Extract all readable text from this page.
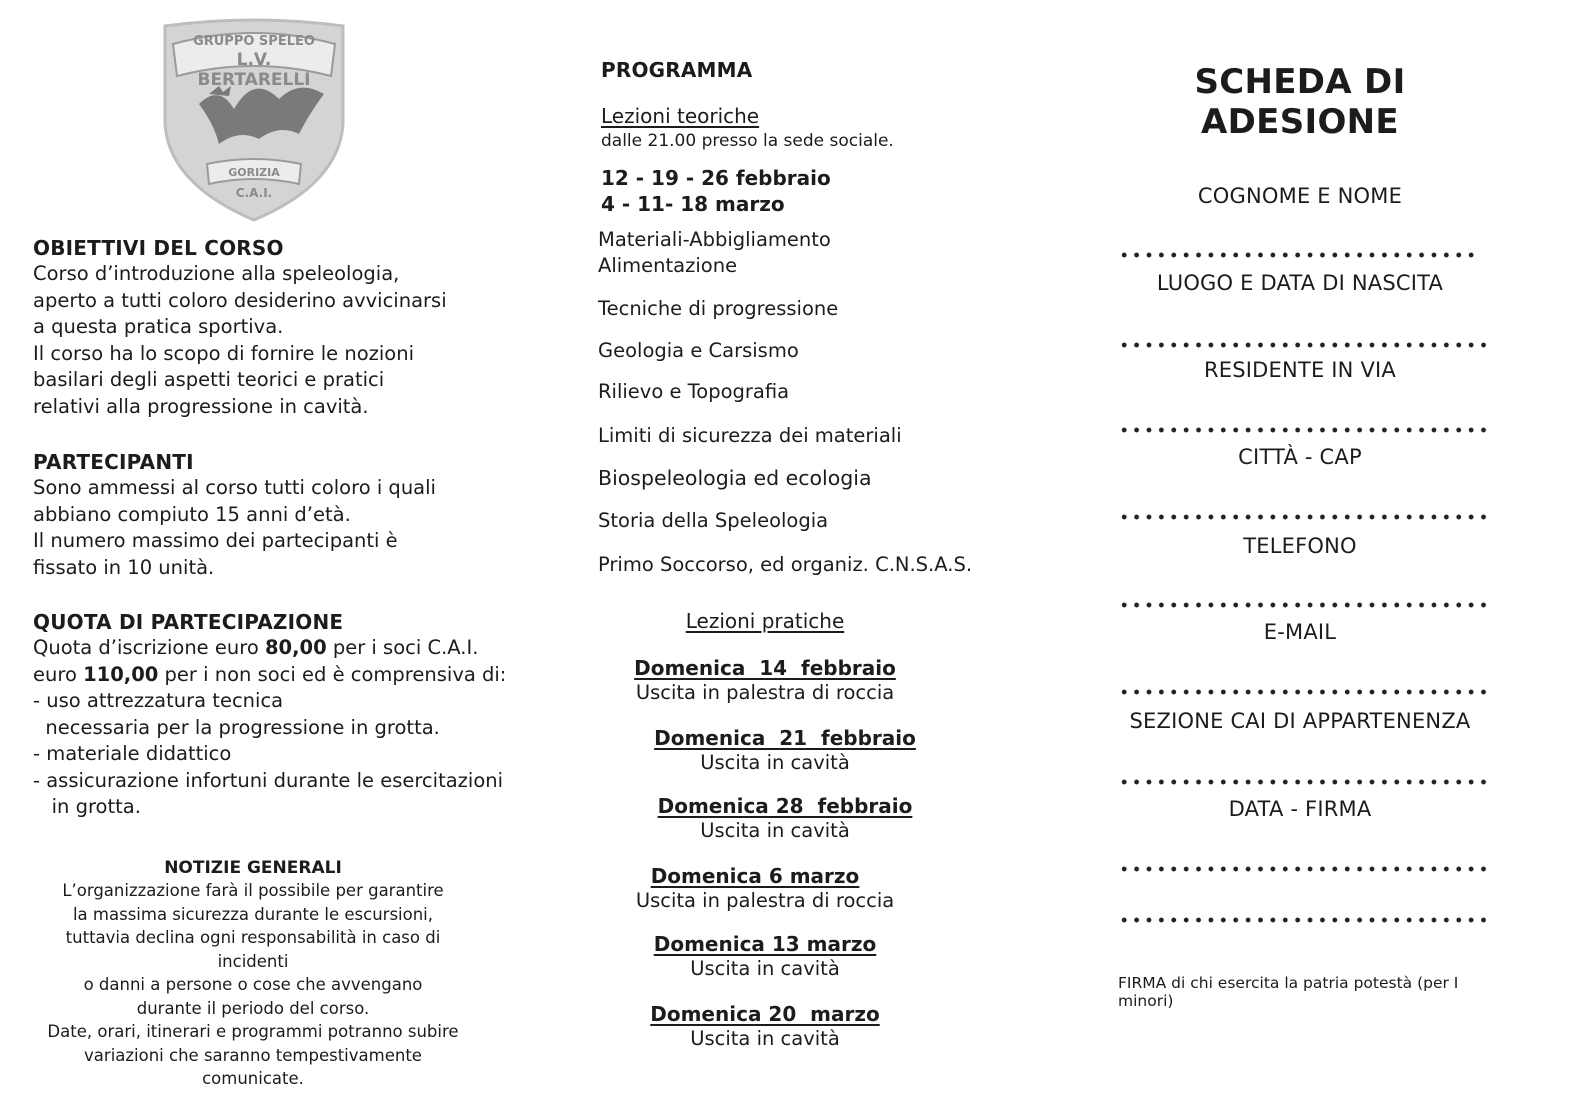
GRUPPO SPELEO
L.V. BERTARELLI
GORIZIA
C.A.I.
OBIETTIVI DEL CORSO
Corso d’introduzione alla speleologia,
aperto a tutti coloro desiderino avvicinarsi
a questa pratica sportiva.
Il corso ha lo scopo di fornire le nozioni
basilari degli aspetti teorici e pratici
relativi alla progressione in cavità.
PARTECIPANTI
Sono ammessi al corso tutti coloro i quali
abbiano compiuto 15 anni d’età.
Il numero massimo dei partecipanti è
fissato in 10 unità.
QUOTA DI PARTECIPAZIONE
Quota d’iscrizione euro 80,00 per i soci C.A.I.
euro 110,00 per i non soci ed è comprensiva di:
- uso attrezzatura tecnica
necessaria per la progressione in grotta.
- materiale didattico
- assicurazione infortuni durante le esercitazioni
in grotta.
NOTIZIE GENERALI
L’organizzazione farà il possibile per garantire
la massima sicurezza durante le escursioni,
tuttavia declina ogni responsabilità in caso di incidenti
o danni a persone o cose che avvengano
durante il periodo del corso.
Date, orari, itinerari e programmi potranno subire
variazioni che saranno tempestivamente comunicate.
PROGRAMMA
Lezioni teoriche
dalle 21.00 presso la sede sociale.
12 - 19 - 26 febbraio
4 - 11- 18 marzo
Materiali-Abbigliamento
Alimentazione
Tecniche di progressione
Geologia e Carsismo
Rilievo e Topografia
Limiti di sicurezza dei materiali
Biospeleologia ed ecologia
Storia della Speleologia
Primo Soccorso, ed organiz. C.N.S.A.S.
Lezioni pratiche
Domenica  14  febbraio
Uscita in palestra di roccia
Domenica  21  febbraio
Uscita in cavità
Domenica 28  febbraio
Uscita in cavità
Domenica 6 marzo
Uscita in palestra di roccia
Domenica 13 marzo
Uscita in cavità
Domenica 20  marzo
Uscita in cavità
SCHEDA DI ADESIONE
COGNOME E NOME
LUOGO E DATA DI NASCITA
RESIDENTE IN VIA
CITTÀ - CAP
TELEFONO
E-MAIL
SEZIONE CAI DI APPARTENENZA
DATA - FIRMA
FIRMA di chi esercita la patria potestà (per I minori)
